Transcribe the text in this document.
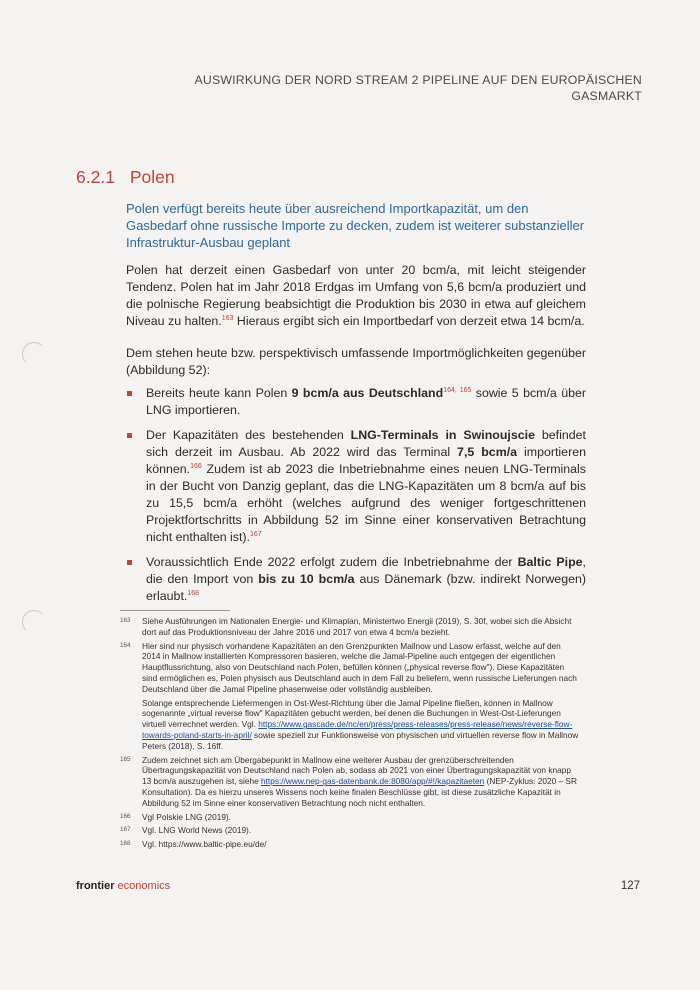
AUSWIRKUNG DER NORD STREAM 2 PIPELINE AUF DEN EUROPÄISCHEN
GASMARKT
6.2.1 Polen
Polen verfügt bereits heute über ausreichend Importkapazität, um den Gasbedarf ohne russische Importe zu decken, zudem ist weiterer substanzieller Infrastruktur-Ausbau geplant
Polen hat derzeit einen Gasbedarf von unter 20 bcm/a, mit leicht steigender Tendenz. Polen hat im Jahr 2018 Erdgas im Umfang von 5,6 bcm/a produziert und die polnische Regierung beabsichtigt die Produktion bis 2030 in etwa auf gleichem Niveau zu halten.$^{163}$ Hieraus ergibt sich ein Importbedarf von derzeit etwa 14 bcm/a.
Dem stehen heute bzw. perspektivisch umfassende Importmöglichkeiten gegenüber (Abbildung 52):
Bereits heute kann Polen 9 bcm/a aus Deutschland$^{164, 165}$ sowie 5 bcm/a über LNG importieren.
Der Kapazitäten des bestehenden LNG-Terminals in Swinoujscie befindet sich derzeit im Ausbau. Ab 2022 wird das Terminal 7,5 bcm/a importieren können.$^{166}$ Zudem ist ab 2023 die Inbetriebnahme eines neuen LNG-Terminals in der Bucht von Danzig geplant, das die LNG-Kapazitäten um 8 bcm/a auf bis zu 15,5 bcm/a erhöht (welches aufgrund des weniger fortgeschrittenen Projektfortschritts in Abbildung 52 im Sinne einer konservativen Betrachtung nicht enthalten ist).$^{167}$
Voraussichtlich Ende 2022 erfolgt zudem die Inbetriebnahme der Baltic Pipe, die den Import von bis zu 10 bcm/a aus Dänemark (bzw. indirekt Norwegen) erlaubt.$^{168}$
163 Siehe Ausführungen im Nationalen Energie- und Klimaplan, Ministertwo Energii (2019), S. 30f, wobei sich die Absicht dort auf das Produktionsniveau der Jahre 2016 und 2017 von etwa 4 bcm/a bezieht.
164 Hier sind nur physisch vorhandene Kapazitäten an den Grenzpunkten Mallnow und Lasow erfasst, welche auf den 2014 in Mallnow installierten Kompressoren basieren, welche die Jamal-Pipeline auch entgegen der eigentlichen Hauptflussrichtung, also von Deutschland nach Polen, befüllen können („physical reverse flow"). Diese Kapazitäten sind ermöglichen es, Polen physisch aus Deutschland auch in dem Fall zu beliefern, wenn russische Lieferungen nach Deutschland über die Jamal Pipeline phasenweise oder vollständig ausbleiben.
Solange entsprechende Liefermengen in Ost-West-Richtung über die Jamal Pipeline fließen, können in Mallnow sogenannte „virtual reverse flow" Kapazitäten gebucht werden, bei denen die Buchungen in West-Ost-Lieferungen virtuell verrechnet werden. Vgl. https://www.gascade.de/nc/en/press/press-releases/press-release/news/reverse-flow-towards-poland-starts-in-april/ sowie speziell zur Funktionsweise von physischen und virtuellen reverse flow in Mallnow Peters (2018), S. 16ff.
165 Zudem zeichnet sich am Übergabepunkt in Mallnow eine weiterer Ausbau der grenzüberschreitenden Übertragungskapazität von Deutschland nach Polen ab, sodass ab 2021 von einer Übertragungskapazität von knapp 13 bcm/a auszugehen ist, siehe https://www.nep-gas-datenbank.de:8080/app/#!/kapazitaeten (NEP-Zyklus: 2020 – SR Konsultation). Da es hierzu unseres Wissens noch keine finalen Beschlüsse gibt, ist diese zusätzliche Kapazität in Abbildung 52 im Sinne einer konservativen Betrachtung noch nicht enthalten.
166 Vgl Polskie LNG (2019).
167 Vgl. LNG World News (2019).
168 Vgl. https://www.baltic-pipe.eu/de/
frontier economics	127
